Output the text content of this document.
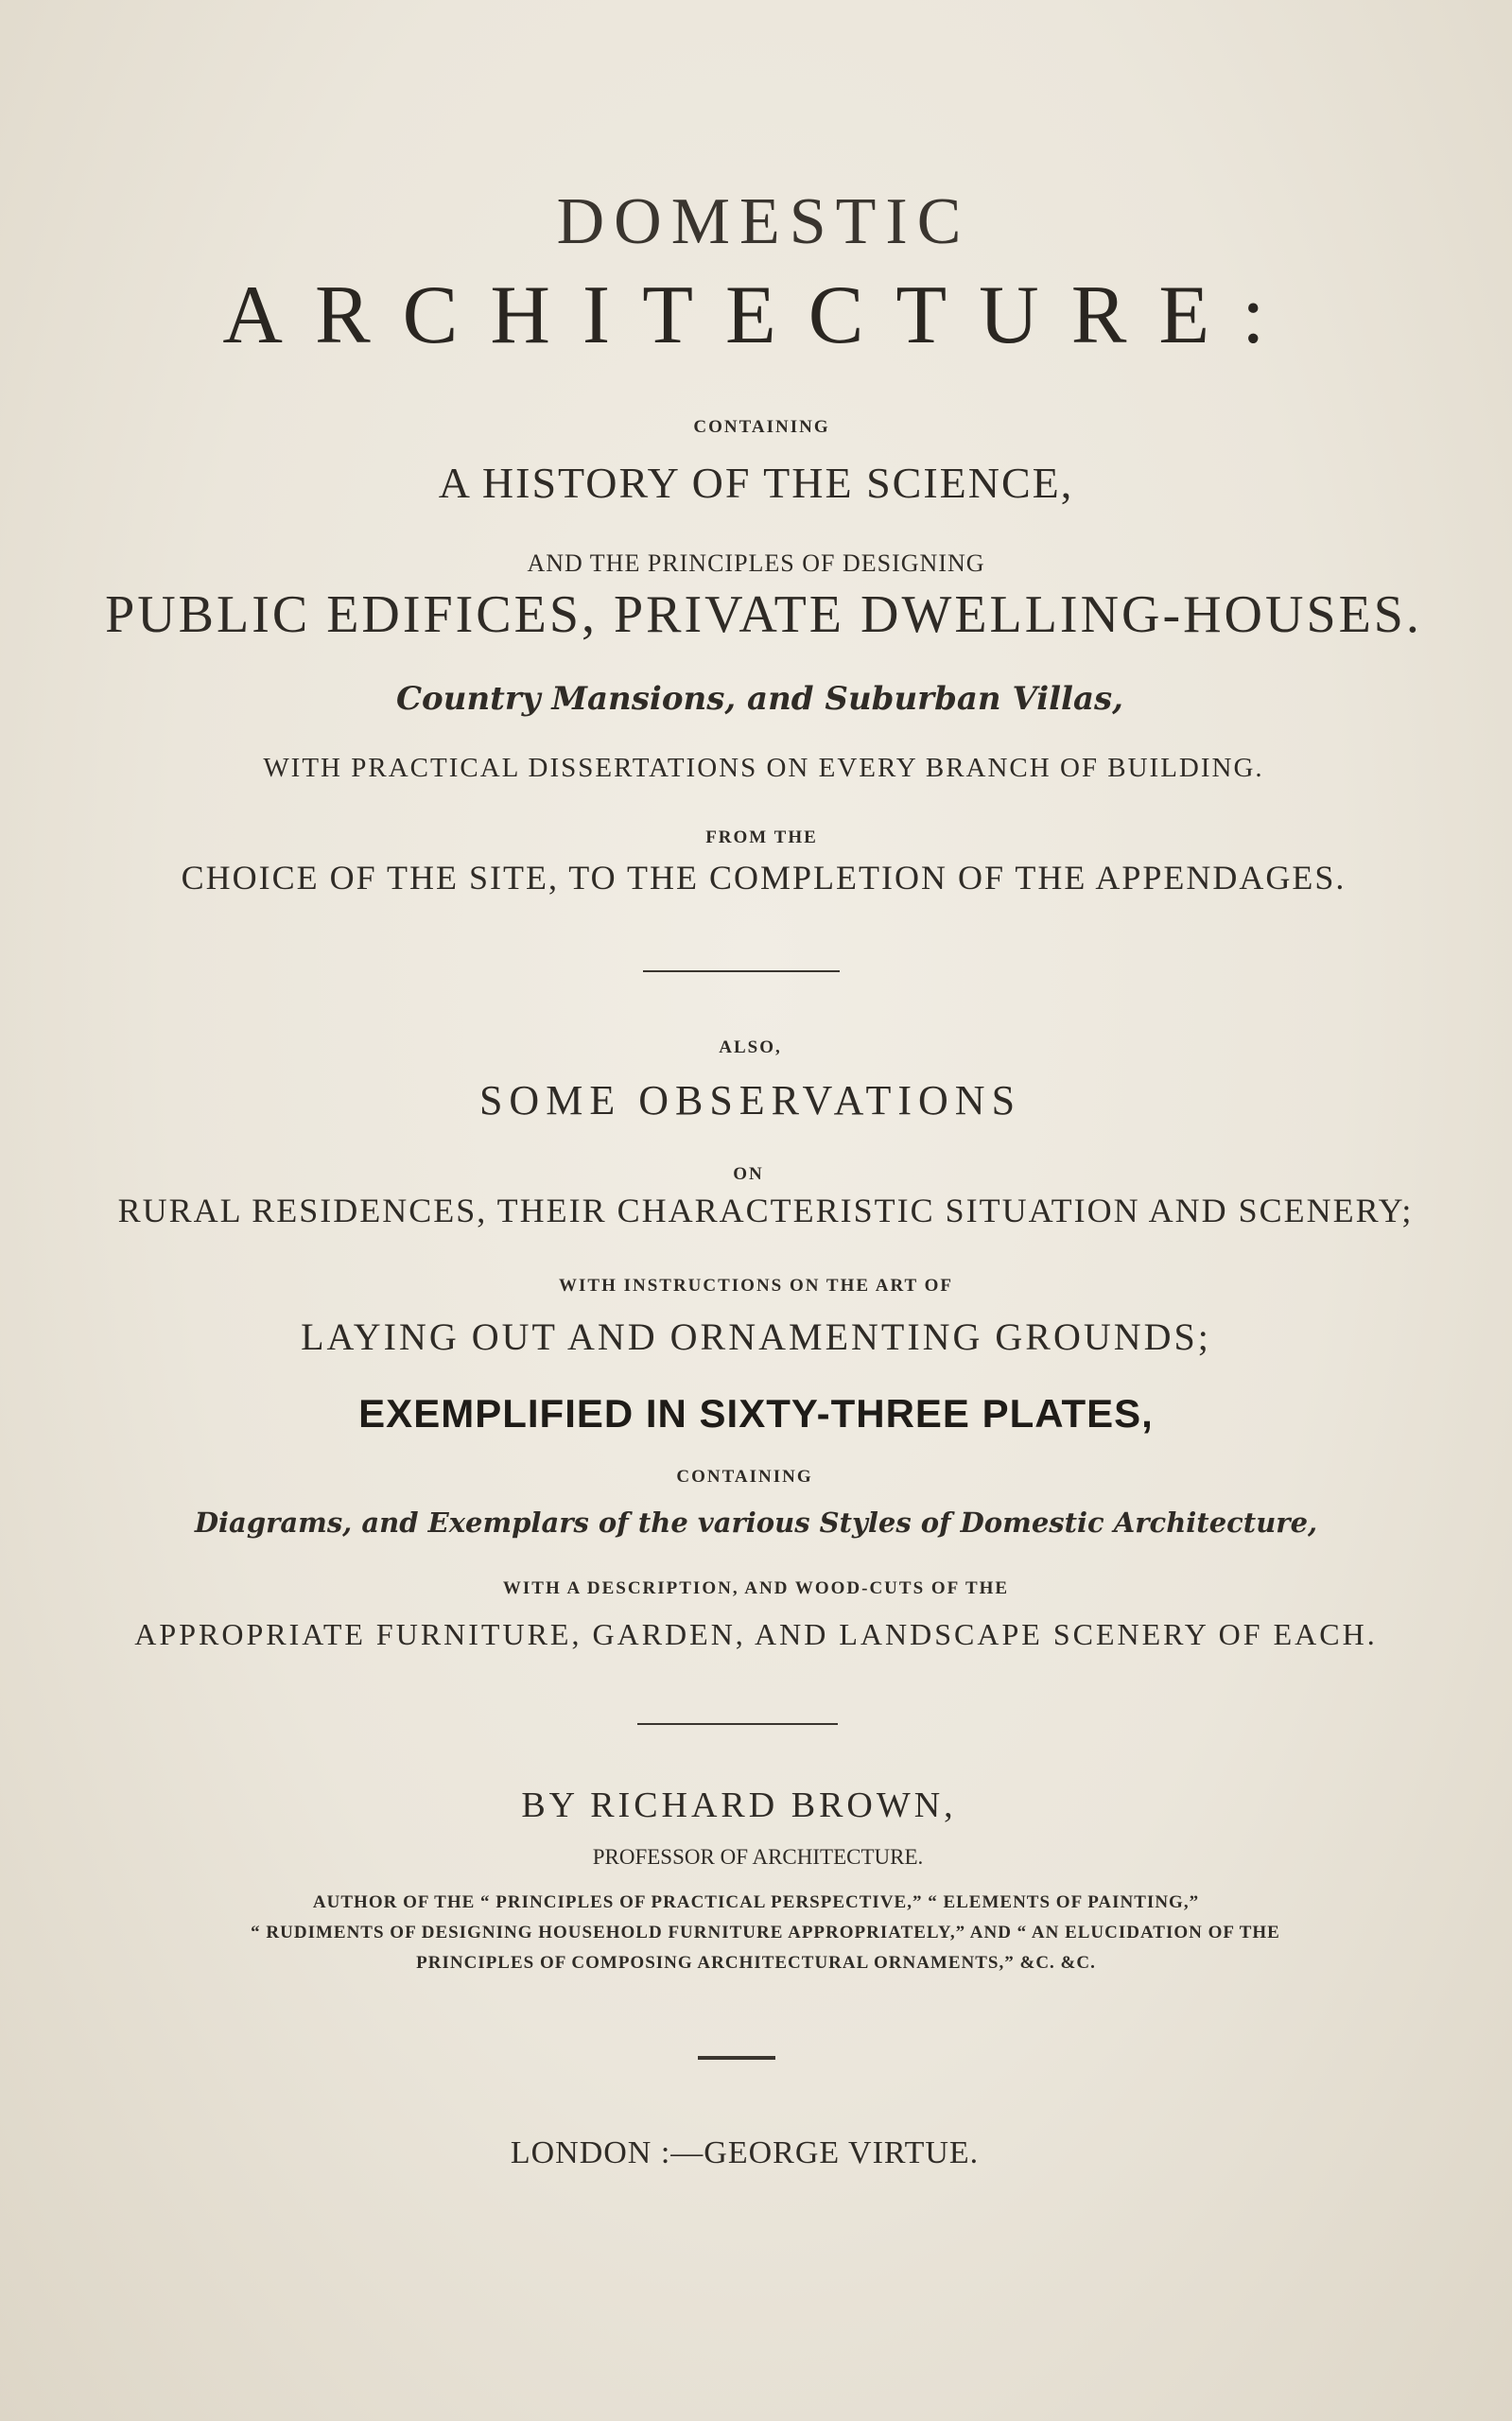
DOMESTIC
ARCHITECTURE:
CONTAINING
A HISTORY OF THE SCIENCE,
AND THE PRINCIPLES OF DESIGNING
PUBLIC EDIFICES, PRIVATE DWELLING-HOUSES.
Country Mansions, and Suburban Villas,
WITH PRACTICAL DISSERTATIONS ON EVERY BRANCH OF BUILDING.
FROM THE
CHOICE OF THE SITE, TO THE COMPLETION OF THE APPENDAGES.
ALSO,
SOME OBSERVATIONS
ON
RURAL RESIDENCES, THEIR CHARACTERISTIC SITUATION AND SCENERY;
WITH INSTRUCTIONS ON THE ART OF
LAYING OUT AND ORNAMENTING GROUNDS;
EXEMPLIFIED IN SIXTY-THREE PLATES,
CONTAINING
Diagrams, and Exemplars of the various Styles of Domestic Architecture,
WITH A DESCRIPTION, AND WOOD-CUTS OF THE
APPROPRIATE FURNITURE, GARDEN, AND LANDSCAPE SCENERY OF EACH.
BY RICHARD BROWN,
PROFESSOR OF ARCHITECTURE.
AUTHOR OF THE “ PRINCIPLES OF PRACTICAL PERSPECTIVE,” “ ELEMENTS OF PAINTING,”
“ RUDIMENTS OF DESIGNING HOUSEHOLD FURNITURE APPROPRIATELY,” AND “ AN ELUCIDATION OF THE
PRINCIPLES OF COMPOSING ARCHITECTURAL ORNAMENTS,” &C. &C.
LONDON :—GEORGE VIRTUE.
